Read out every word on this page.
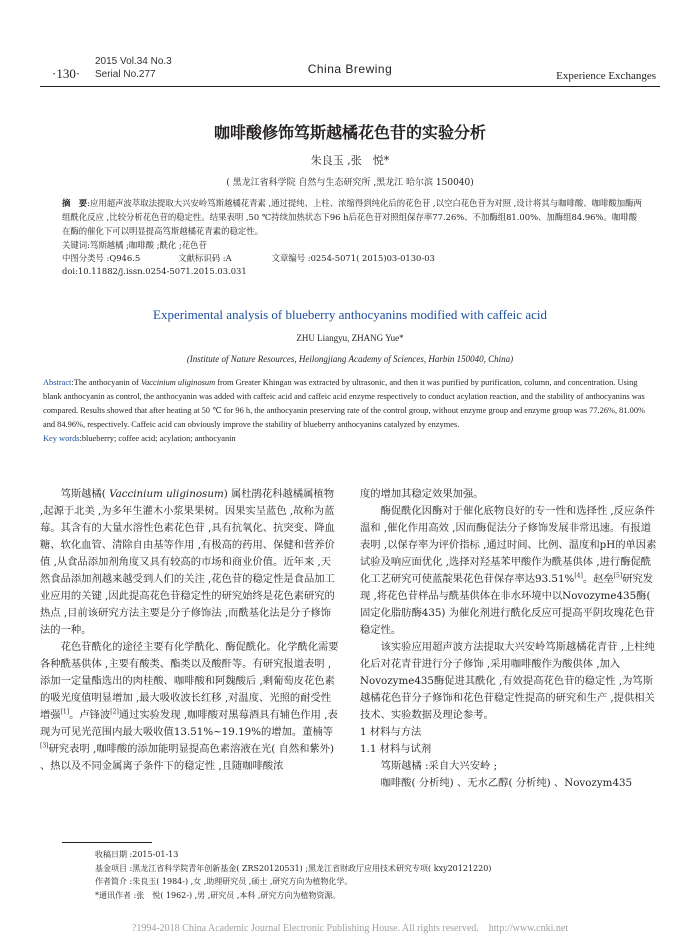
2015 Vol.34 No.3
Serial No.277
·130·	China Brewing	Experience Exchanges
咖啡酸修饰笃斯越橘花色苷的实验分析
朱良玉 ,张　悦*
( 黑龙江省科学院 自然与生态研究所 ,黑龙江 哈尔滨 150040)
摘　要:应用超声波萃取法提取大兴安岭笃斯越橘花青素 ,通过提纯、上柱、浓缩得到纯化后的花色苷 ,以空白花色苷为对照 ,设计将其与咖啡酸、咖啡酸加酶两组酰化反应 ,比较分析花色苷的稳定性。结果表明 ,50 ℃持续加热状态下96 h后花色苷对照组保存率77.26%、不加酶组81.00%、加酶组84.96%。咖啡酸在酶的催化下可以明显提高笃斯越橘花青素的稳定性。
关键词:笃斯越橘 ;咖啡酸 ;酰化 ;花色苷
中图分类号 :Q946.5	文献标识码 :A	文章编号 :0254-5071( 2015)03-0130-03
doi:10.11882/j.issn.0254-5071.2015.03.031
Experimental analysis of blueberry anthocyanins modified with caffeic acid
ZHU Liangyu, ZHANG Yue*
(Institute of Nature Resources, Heilongjiang Academy of Sciences, Harbin 150040, China)
Abstract:The anthocyanin of Vaccinium uliginosum from Greater Khingan was extracted by ultrasonic, and then it was purified by purification, column, and concentration. Using blank anthocyanin as control, the anthocyanin was added with caffeic acid and caffeic acid enzyme respectively to conduct acylation reaction, and the stability of anthocyanins was compared. Results showed that after heating at 50 ℃ for 96 h, the anthocyanin preserving rate of the control group, without enzyme group and enzyme group was 77.26%, 81.00% and 84.96%, respectively. Caffeic acid can obviously improve the stability of blueberry anthocyanins catalyzed by enzymes.
Key words:blueberry; coffee acid; acylation; anthocyanin

笃斯越橘( Vaccinium uliginosum) 属杜鹃花科越橘属植物 ,起源于北美 ,为多年生灌木小浆果果树。因果实呈蓝色 ,故称为蓝莓。其含有的大量水溶性色素花色苷 ,具有抗氧化、抗突变、降血糖、软化血管、清除自由基等作用 ,有极高的药用、保健和营养价值 ,从食品添加剂角度又具有较高的市场和商业价值。近年来 ,天然食品添加剂越来越受到人们的关注 ,花色苷的稳定性是食品加工业应用的关键 ,因此提高花色苷稳定性的研究始终是花色素研究的热点 ,目前该研究方法主要是分子修饰法 ,而酰基化法是分子修饰法的一种。

花色苷酰化的途径主要有化学酰化、酶促酰化。化学酰化需要各种酰基供体 ,主要有酸类、酯类以及酸酐等。有研究报道表明 ,添加一定量酯选出的肉桂酸、咖啡酸和阿魏酸后 ,剩葡萄皮花色素的吸光度值明显增加 ,最大吸收波长红移 ,对温度、光照的耐受性增强[1]。卢锋波[2]通过实验发现 ,咖啡酸对黑莓酒具有辅色作用 ,表现为可见光范围内最大吸收值13.51%~19.19%的增加。董楠等[3]研究表明 ,咖啡酸的添加能明显提高色素溶液在光( 自然和紫外) 、热以及不同金属离子条件下的稳定性 ,且随咖啡酸浓

度的增加其稳定效果加强。

酶促酰化因酶对于催化底物良好的专一性和选择性 ,反应条件温和 ,催化作用高效 ,因而酶促法分子修饰发展非常迅速。有报道表明 ,以保存率为评价指标 ,通过时间、比例、温度和pH的单因素试验及响应面优化 ,选择对羟基苯甲酸作为酰基供体 ,进行酶促酰化工艺研究可使蓝靛果花色苷保存率达93.51%[4]。赵垒[5]研究发现 ,将花色苷样品与酰基供体在非水环境中以Novozyme435酶( 固定化脂肪酶435) 为催化剂进行酰化反应可提高平阴玫瑰花色苷稳定性。

该实验应用超声波方法提取大兴安岭笃斯越橘花青苷 ,上柱纯化后对花青苷进行分子修饰 ,采用咖啡酸作为酸供体 ,加入Novozyme435酶促进其酰化 ,有效提高花色苷的稳定性 ,为笃斯越橘花色苷分子修饰和花色苷稳定性提高的研究和生产 ,提供相关技术、实验数据及理论参考。

1 材料与方法

1.1 材料与试剂

笃斯越橘 :采自大兴安岭 ;

咖啡酸( 分析纯) 、无水乙醇( 分析纯) 、Novozym435

收稿日期 :2015-01-13
基金项目 :黑龙江省科学院青年创新基金( ZRS20120531) ;黑龙江省财政厅应用技术研究专项( kxy20121220)
作者简介 :朱良玉( 1984-) ,女 ,助理研究员 ,硕士 ,研究方向为植物化学。
*通讯作者 :张　悦( 1962-) ,男 ,研究员 ,本科 ,研究方向为植物资源。
?1994-2018 China Academic Journal Electronic Publishing House. All rights reserved.　http://www.cnki.net
